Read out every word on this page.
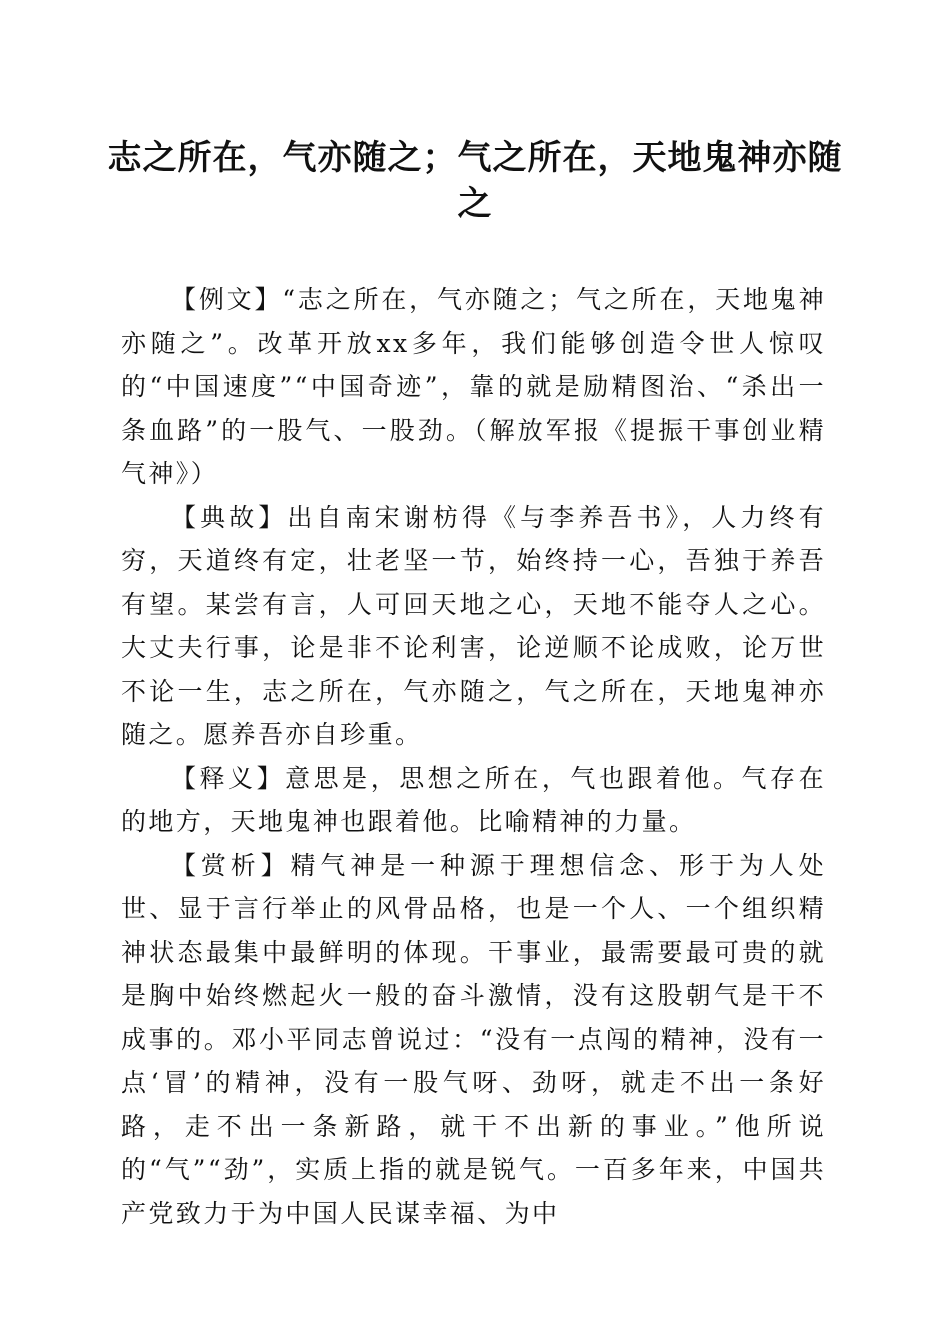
志之所在，气亦随之；气之所在，天地鬼神亦随之

【例文】“志之所在，气亦随之；气之所在，天地鬼神亦随之”。改革开放xx多年，我们能够创造令世人惊叹的“中国速度”“中国奇迹”，靠的就是励精图治、“杀出一条血路”的一股气、一股劲。（解放军报《提振干事创业精气神》）

【典故】出自南宋谢枋得《与李养吾书》，人力终有穷，天道终有定，壮老坚一节，始终持一心，吾独于养吾有望。某尝有言，人可回天地之心，天地不能夺人之心。大丈夫行事，论是非不论利害，论逆顺不论成败，论万世不论一生，志之所在，气亦随之，气之所在，天地鬼神亦随之。愿养吾亦自珍重。

【释义】意思是，思想之所在，气也跟着他。气存在的地方，天地鬼神也跟着他。比喻精神的力量。

【赏析】精气神是一种源于理想信念、形于为人处世、显于言行举止的风骨品格，也是一个人、一个组织精神状态最集中最鲜明的体现。干事业，最需要最可贵的就是胸中始终燃起火一般的奋斗激情，没有这股朝气是干不成事的。邓小平同志曾说过：“没有一点闯的精神，没有一点‘冒’的精神，没有一股气呀、劲呀，就走不出一条好路，走不出一条新路，就干不出新的事业。”他所说的“气”“劲”，实质上指的就是锐气。一百多年来，中国共产党致力于为中国人民谋幸福、为中
